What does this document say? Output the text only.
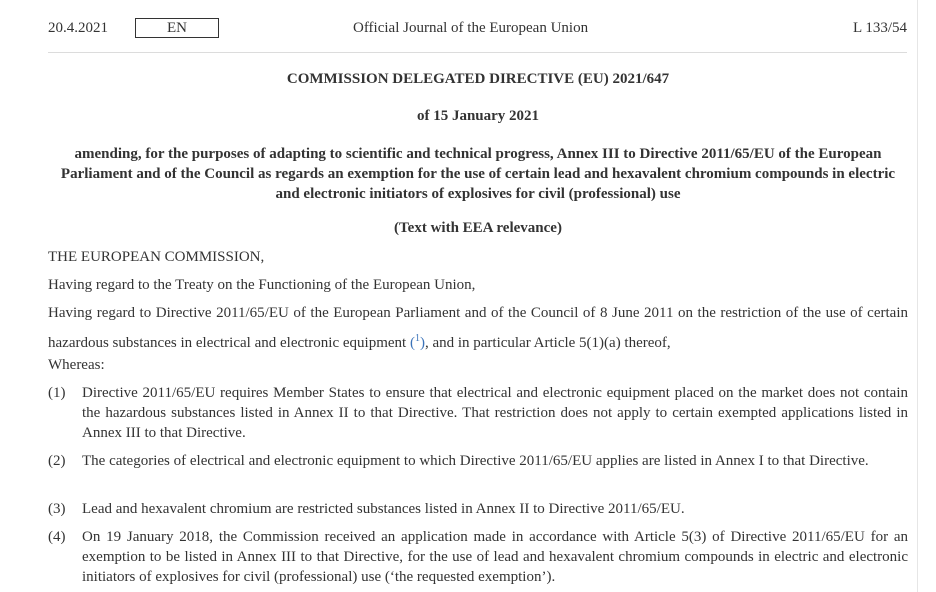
20.4.2021	EN	Official Journal of the European Union	L 133/54
COMMISSION DELEGATED DIRECTIVE (EU) 2021/647
of 15 January 2021
amending, for the purposes of adapting to scientific and technical progress, Annex III to Directive 2011/65/EU of the European Parliament and of the Council as regards an exemption for the use of certain lead and hexavalent chromium compounds in electric and electronic initiators of explosives for civil (professional) use
(Text with EEA relevance)
THE EUROPEAN COMMISSION,
Having regard to the Treaty on the Functioning of the European Union,
Having regard to Directive 2011/65/EU of the European Parliament and of the Council of 8 June 2011 on the restriction of the use of certain hazardous substances in electrical and electronic equipment ($^1$), and in particular Article 5(1)(a) thereof,
Whereas:
(1) Directive 2011/65/EU requires Member States to ensure that electrical and electronic equipment placed on the market does not contain the hazardous substances listed in Annex II to that Directive. That restriction does not apply to certain exempted applications listed in Annex III to that Directive.
(2) The categories of electrical and electronic equipment to which Directive 2011/65/EU applies are listed in Annex I to that Directive.
(3) Lead and hexavalent chromium are restricted substances listed in Annex II to Directive 2011/65/EU.
(4) On 19 January 2018, the Commission received an application made in accordance with Article 5(3) of Directive 2011/65/EU for an exemption to be listed in Annex III to that Directive, for the use of lead and hexavalent chromium compounds in electric and electronic initiators of explosives for civil (professional) use (‘the requested exemption’).
